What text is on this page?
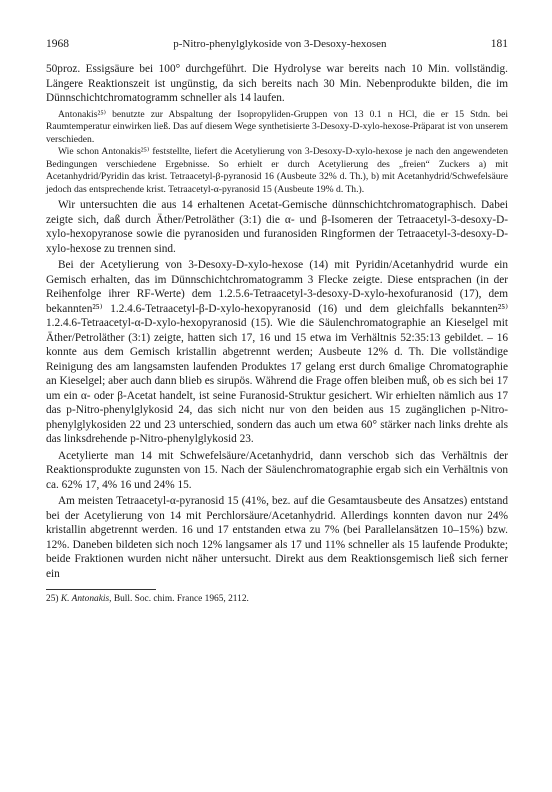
1968	p-Nitro-phenylglykoside von 3-Desoxy-hexosen	181

50proz. Essigsäure bei 100° durchgeführt. Die Hydrolyse war bereits nach 10 Min. vollständig. Längere Reaktionszeit ist ungünstig, da sich bereits nach 30 Min. Nebenprodukte bilden, die im Dünnschichtchromatogramm schneller als 14 laufen.

Antonakis²⁵⁾ benutzte zur Abspaltung der Isopropyliden-Gruppen von 13 0.1 n HCl, die er 15 Stdn. bei Raumtemperatur einwirken ließ. Das auf diesem Wege synthetisierte 3-Desoxy-D-xylo-hexose-Präparat ist von unserem verschieden.

Wie schon Antonakis²⁵⁾ feststellte, liefert die Acetylierung von 3-Desoxy-D-xylo-hexose je nach den angewendeten Bedingungen verschiedene Ergebnisse. So erhielt er durch Acetylierung des „freien“ Zuckers a) mit Acetanhydrid/Pyridin das krist. Tetraacetyl-β-pyranosid 16 (Ausbeute 32% d. Th.), b) mit Acetanhydrid/Schwefelsäure jedoch das entsprechende krist. Tetraacetyl-α-pyranosid 15 (Ausbeute 19% d. Th.).

Wir untersuchten die aus 14 erhaltenen Acetat-Gemische dünnschichtchromatographisch. Dabei zeigte sich, daß durch Äther/Petroläther (3:1) die α- und β-Isomeren der Tetraacetyl-3-desoxy-D-xylo-hexopyranose sowie die pyranosiden und furanosiden Ringformen der Tetraacetyl-3-desoxy-D-xylo-hexose zu trennen sind.

Bei der Acetylierung von 3-Desoxy-D-xylo-hexose (14) mit Pyridin/Acetanhydrid wurde ein Gemisch erhalten, das im Dünnschichtchromatogramm 3 Flecke zeigte. Diese entsprachen (in der Reihenfolge ihrer RF-Werte) dem 1.2.5.6-Tetraacetyl-3-desoxy-D-xylo-hexofuranosid (17), dem bekannten²⁵⁾ 1.2.4.6-Tetraacetyl-β-D-xylo-hexopyranosid (16) und dem gleichfalls bekannten²⁵⁾ 1.2.4.6-Tetraacetyl-α-D-xylo-hexopyranosid (15). Wie die Säulenchromatographie an Kieselgel mit Äther/Petroläther (3:1) zeigte, hatten sich 17, 16 und 15 etwa im Verhältnis 52:35:13 gebildet. – 16 konnte aus dem Gemisch kristallin abgetrennt werden; Ausbeute 12% d. Th. Die vollständige Reinigung des am langsamsten laufenden Produktes 17 gelang erst durch 6malige Chromatographie an Kieselgel; aber auch dann blieb es sirupös. Während die Frage offen bleiben muß, ob es sich bei 17 um ein α- oder β-Acetat handelt, ist seine Furanosid-Struktur gesichert. Wir erhielten nämlich aus 17 das p-Nitro-phenylglykosid 24, das sich nicht nur von den beiden aus 15 zugänglichen p-Nitro-phenylglykosiden 22 und 23 unterschied, sondern das auch um etwa 60° stärker nach links drehte als das linksdrehende p-Nitro-phenylglykosid 23.

Acetylierte man 14 mit Schwefelsäure/Acetanhydrid, dann verschob sich das Verhältnis der Reaktionsprodukte zugunsten von 15. Nach der Säulenchromatographie ergab sich ein Verhältnis von ca. 62% 17, 4% 16 und 24% 15.

Am meisten Tetraacetyl-α-pyranosid 15 (41%, bez. auf die Gesamtausbeute des Ansatzes) entstand bei der Acetylierung von 14 mit Perchlorsäure/Acetanhydrid. Allerdings konnten davon nur 24% kristallin abgetrennt werden. 16 und 17 entstanden etwa zu 7% (bei Parallelansätzen 10–15%) bzw. 12%. Daneben bildeten sich noch 12% langsamer als 17 und 11% schneller als 15 laufende Produkte; beide Fraktionen wurden nicht näher untersucht. Direkt aus dem Reaktionsgemisch ließ sich ferner ein

25) K. Antonakis, Bull. Soc. chim. France 1965, 2112.
